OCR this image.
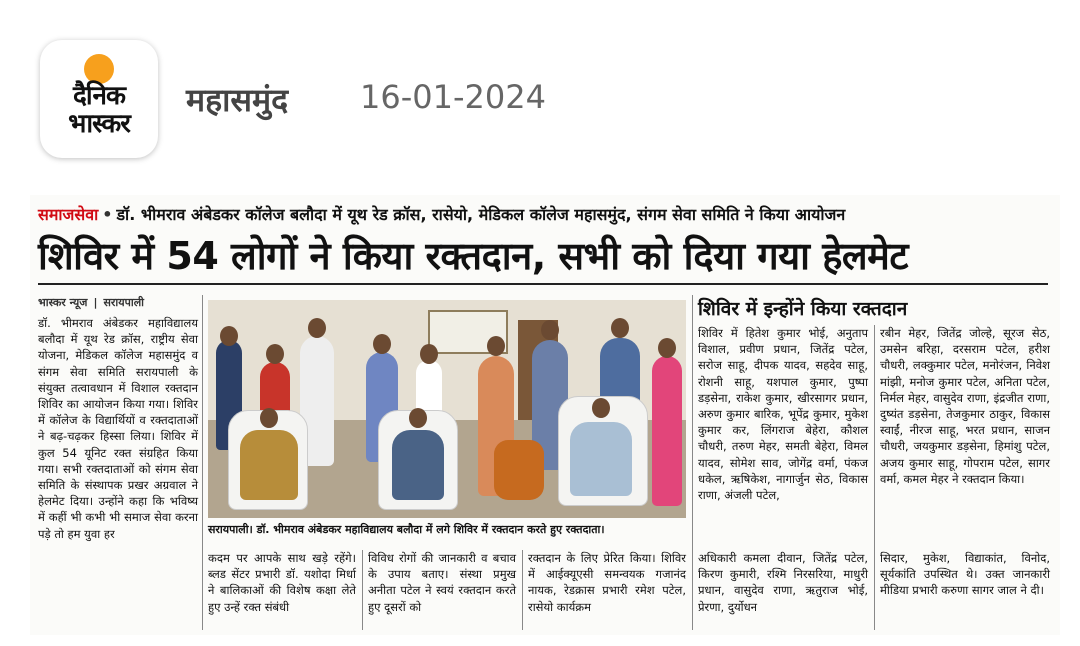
दैनिक
भास्कर
महासमुंद 16-01-2024
समाजसेवा • डॉ. भीमराव अंबेडकर कॉलेज बलौदा में यूथ रेड क्रॉस, रासेयो, मेडिकल कॉलेज महासमुंद, संगम सेवा समिति ने किया आयोजन
शिविर में 54 लोगों ने किया रक्तदान, सभी को दिया गया हेलमेट
भास्कर न्यूज | सरायपाली

डॉ. भीमराव अंबेडकर महाविद्यालय बलौदा में यूथ रेड क्रॉस, राष्ट्रीय सेवा योजना, मेडिकल कॉलेज महासमुंद व संगम सेवा समिति सरायपाली के संयुक्त तत्वावधान में विशाल रक्तदान शिविर का आयोजन किया गया। शिविर में कॉलेज के विद्यार्थियों व रक्तदाताओं ने बढ़-चढ़कर हिस्सा लिया। शिविर में कुल 54 यूनिट रक्त संग्रहित किया गया। सभी रक्तदाताओं को संगम सेवा समिति के संस्थापक प्रखर अग्रवाल ने हेलमेट दिया। उन्होंने कहा कि भविष्य में कहीं भी कभी भी समाज सेवा करना पड़े तो हम युवा हर	सरायपाली। डॉ. भीमराव अंबेडकर महाविद्यालय बलौदा में लगे शिविर में रक्तदान करते हुए रक्तदाता।
शिविर में इन्होंने किया रक्तदान

शिविर में हितेश कुमार भोई, अनुताप विशाल, प्रवीण प्रधान, जितेंद्र पटेल, सरोज साहू, दीपक यादव, सहदेव साहू, रोशनी साहू, यशपाल कुमार, पुष्पा डड़सेना, राकेश कुमार, खीरसागर प्रधान, अरुण कुमार बारिक, भूपेंद्र कुमार, मुकेश कुमार कर, लिंगराज बेहेरा, कौशल चौधरी, तरुण मेहर, समती बेहेरा, विमल यादव, सोमेश साव, जोगेंद्र वर्मा, पंकज धकेल, ऋषिकेश, नागार्जुन सेठ, विकास राणा, अंजली पटेल,

रबीन मेहर, जितेंद्र जोल्हे, सूरज सेठ, उमसेन बरिहा, दरसराम पटेल, हरीश चौधरी, लक्कुमार पटेल, मनोरंजन, निवेश मांझी, मनोज कुमार पटेल, अनिता पटेल, निर्मल मेहर, वासुदेव राणा, इंद्रजीत राणा, दुष्यंत डड़सेना, तेजकुमार ठाकुर, विकास स्वाईं, नीरज साहू, भरत प्रधान, साजन चौधरी, जयकुमार डड़सेना, हिमांशु पटेल, अजय कुमार साहू, गोपराम पटेल, सागर वर्मा, कमल मेहर ने रक्तदान किया।

कदम पर आपके साथ खड़े रहेंगे। ब्लड सेंटर प्रभारी डॉ. यशोदा मिर्धा ने बालिकाओं की विशेष कक्षा लेते हुए उन्हें रक्त संबंधी

विविध रोगों की जानकारी व बचाव के उपाय बताए। संस्था प्रमुख अनीता पटेल ने स्वयं रक्तदान करते हुए दूसरों को

रक्तदान के लिए प्रेरित किया। शिविर में आईक्यूएसी समन्वयक गजानंद नायक, रेडक्रास प्रभारी रमेश पटेल, रासेयो कार्यक्रम

अधिकारी कमला दीवान, जितेंद्र पटेल, किरण कुमारी, रश्मि निरसरिया, माधुरी प्रधान, वासुदेव राणा, ऋतुराज भोई, प्रेरणा, दुर्योधन

सिदार, मुकेश, विद्याकांत, विनोद, सूर्यकांति उपस्थित थे। उक्त जानकारी मीडिया प्रभारी करुणा सागर जाल ने दी।
